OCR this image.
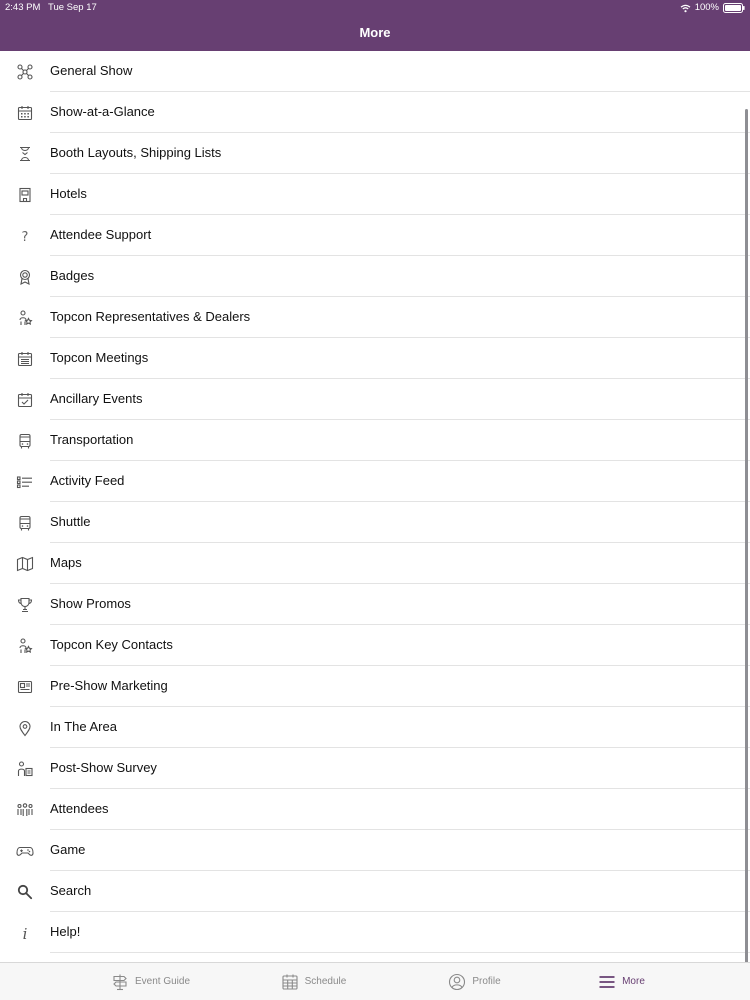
2:43 PM Tue Sep 17	100%
More
General Show
Show-at-a-Glance
Booth Layouts, Shipping Lists
Hotels
? Attendee Support
Badges
Topcon Representatives & Dealers
Topcon Meetings
Ancillary Events
Transportation
Activity Feed
Shuttle
Maps
Show Promos
Topcon Key Contacts
Pre-Show Marketing
In The Area
Post-Show Survey
Attendees
Game
Search
i Help!
Event Guide	Schedule	Profile	More
